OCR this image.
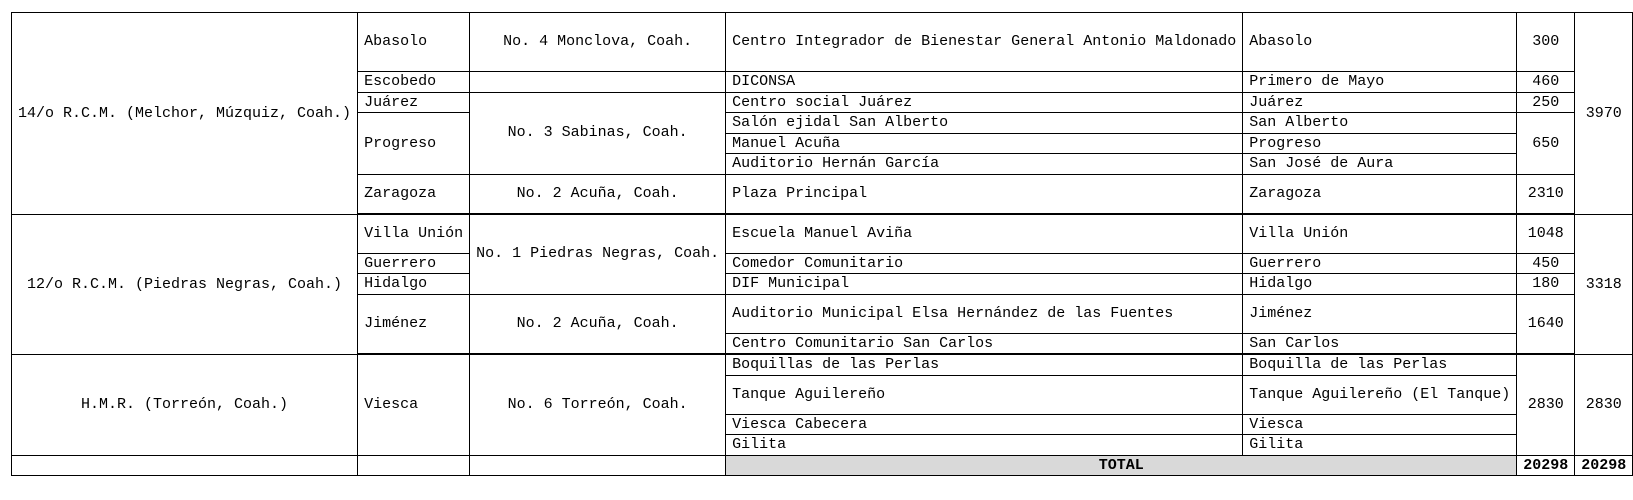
14/o R.C.M. (Melchor, Múzquiz, Coah.)	Abasolo	No. 4 Monclova, Coah.	Centro Integrador de Bienestar General Antonio Maldonado	Abasolo	300	3970
	Escobedo		DICONSA	Primero de Mayo	460	
	Juárez	No. 3 Sabinas, Coah.	Centro social Juárez	Juárez	250	
	Progreso		Salón ejidal San Alberto	San Alberto	650	
			Manuel Acuña	Progreso		
			Auditorio Hernán García	San José de Aura		
	Zaragoza	No. 2 Acuña, Coah.	Plaza Principal	Zaragoza	2310	

12/o R.C.M. (Piedras Negras, Coah.)	Villa Unión	No. 1 Piedras Negras, Coah.	Escuela Manuel Aviña	Villa Unión	1048	3318
	Guerrero		Comedor Comunitario	Guerrero	450	
	Hidalgo		DIF Municipal	Hidalgo	180	
	Jiménez	No. 2 Acuña, Coah.	Auditorio Municipal Elsa Hernández de las Fuentes	Jiménez	1640	
			Centro Comunitario San Carlos	San Carlos		

H.M.R. (Torreón, Coah.)	Viesca	No. 6 Torreón, Coah.	Boquillas de las Perlas	Boquilla de las Perlas	2830	2830
			Tanque Aguilereño	Tanque Aguilereño (El Tanque)		
			Viesca Cabecera	Viesca		
			Gilita	Gilita		
			TOTAL		20298	20298
